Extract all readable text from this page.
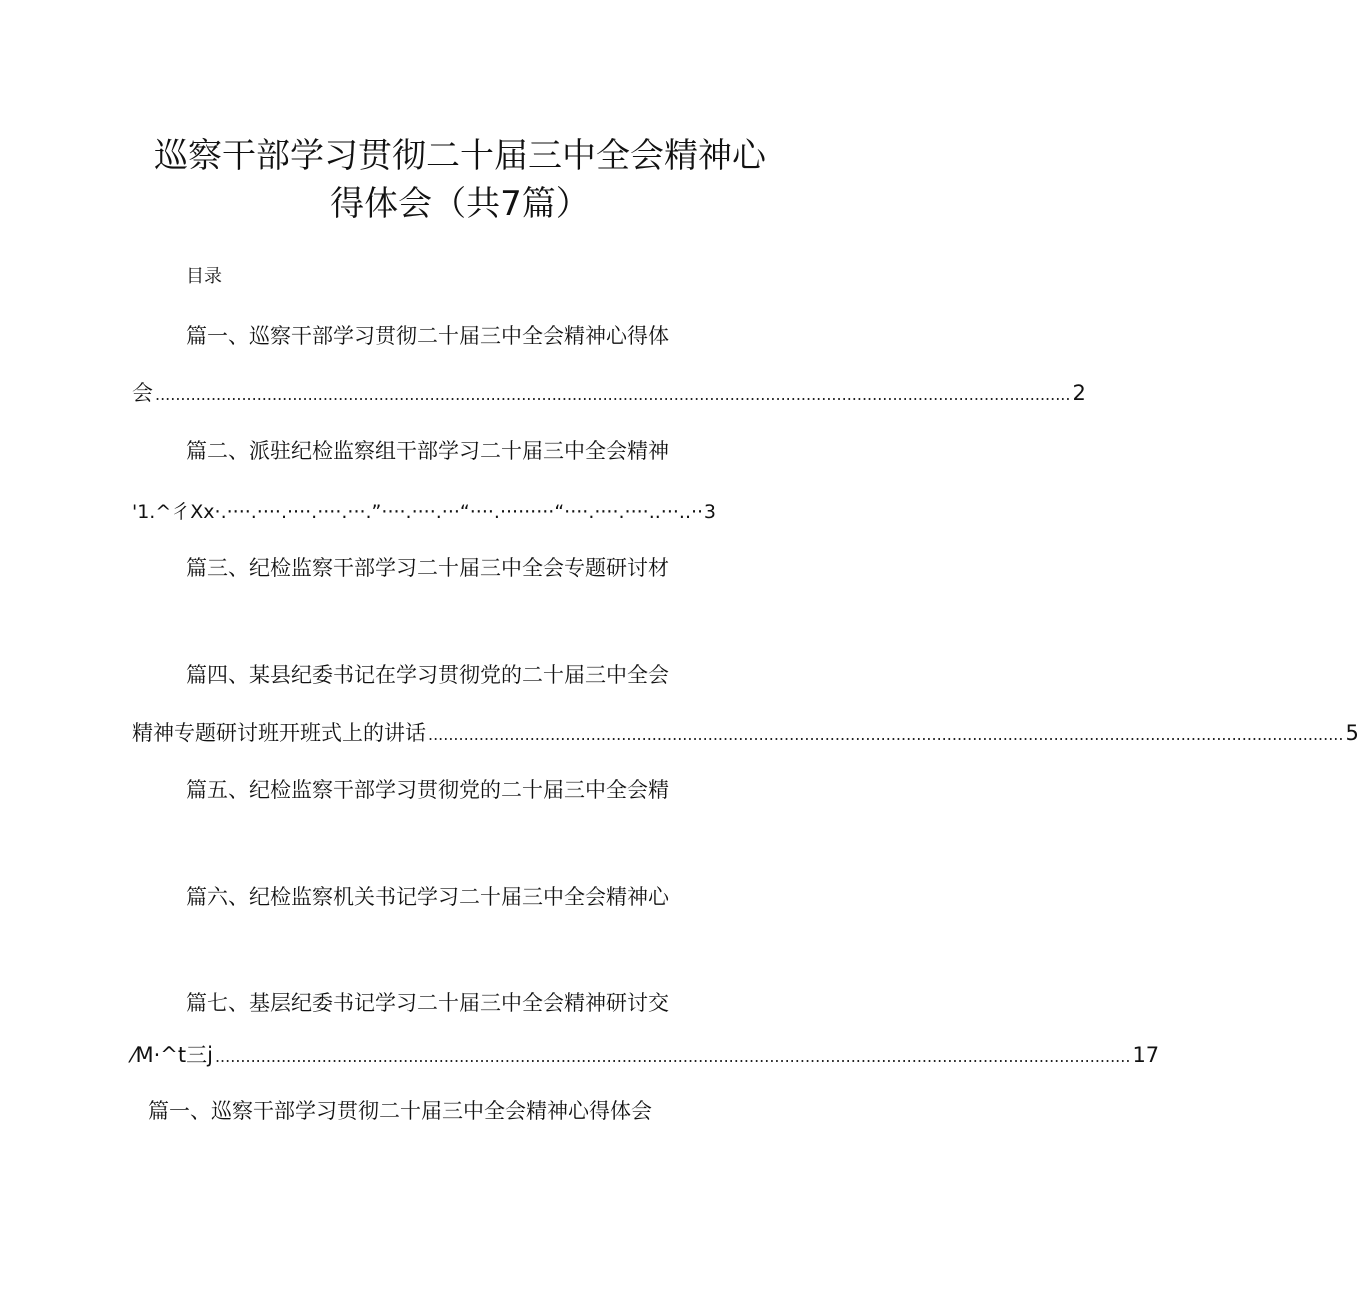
巡察干部学习贯彻二十届三中全会精神心
得体会（共7篇）
目录
篇一、巡察干部学习贯彻二十届三中全会精神心得体
会 .................................................................................................................................................................................... 2
篇二、派驻纪检监察组干部学习二十届三中全会精神
'1.^彳Xx·.····.····.····.····.···.”····.····.···“····.·········“····.····.····..···..·· 3
篇三、纪检监察干部学习二十届三中全会专题研讨材
篇四、某县纪委书记在学习贯彻党的二十届三中全会
精神专题研讨班开班式上的讲话 .................................................................................................................................................................................... 5
篇五、纪检监察干部学习贯彻党的二十届三中全会精
篇六、纪检监察机关书记学习二十届三中全会精神心
篇七、基层纪委书记学习二十届三中全会精神研讨交
⁄M·^t三j .................................................................................................................................................................................... 17
篇一、巡察干部学习贯彻二十届三中全会精神心得体会
